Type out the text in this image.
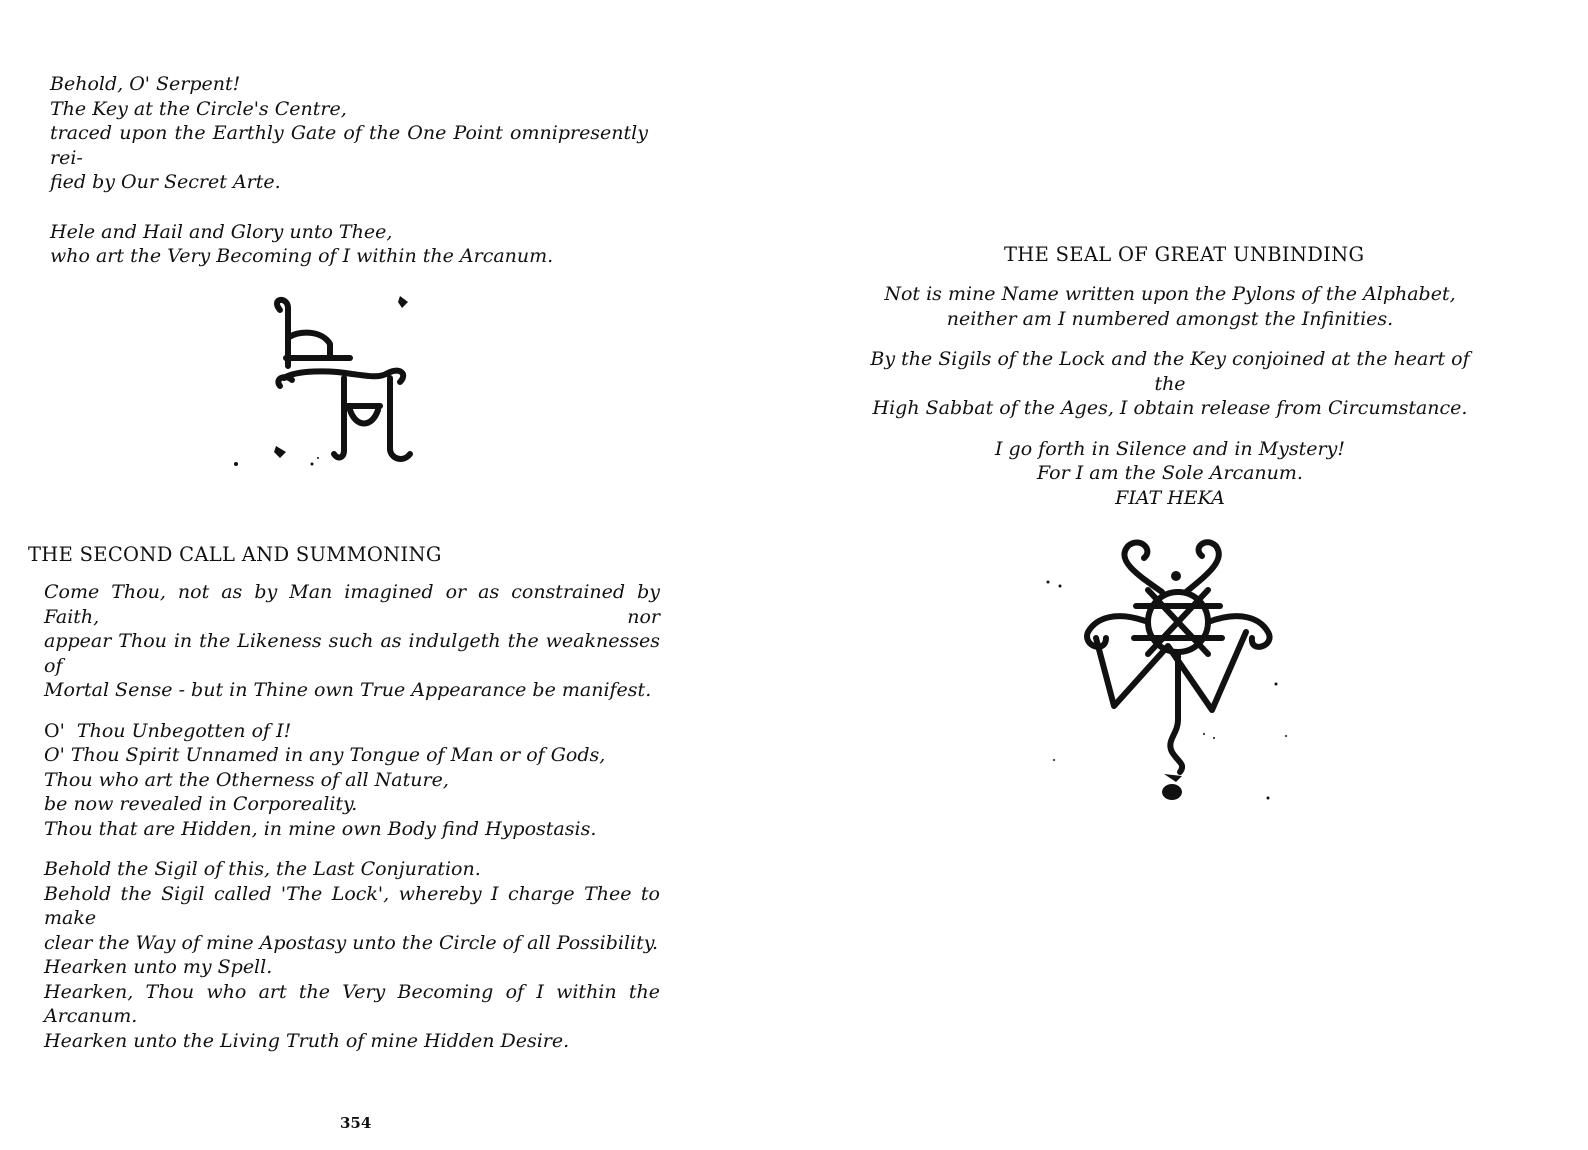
Behold, O' Serpent!

The Key at the Circle's Centre,

traced upon the Earthly Gate of the One Point omnipresently rei-

fied by Our Secret Arte.

Hele and Hail and Glory unto Thee,

who art the Very Becoming of I within the Arcanum.

THE SECOND CALL AND SUMMONING

Come Thou, not as by Man imagined or as constrained by Faith, nor

appear Thou in the Likeness such as indulgeth the weaknesses of

Mortal Sense - but in Thine own True Appearance be manifest.

O' Thou Unbegotten of I!

O' Thou Spirit Unnamed in any Tongue of Man or of Gods,

Thou who art the Otherness of all Nature,

be now revealed in Corporeality.

Thou that are Hidden, in mine own Body find Hypostasis.

Behold the Sigil of this, the Last Conjuration.

Behold the Sigil called 'The Lock', whereby I charge Thee to make

clear the Way of mine Apostasy unto the Circle of all Possibility.

Hearken unto my Spell.

Hearken, Thou who art the Very Becoming of I within the Arcanum.

Hearken unto the Living Truth of mine Hidden Desire.

354
THE SEAL OF GREAT UNBINDING

Not is mine Name written upon the Pylons of the Alphabet,

neither am I numbered amongst the Infinities.

By the Sigils of the Lock and the Key conjoined at the heart of the

High Sabbat of the Ages, I obtain release from Circumstance.

I go forth in Silence and in Mystery!

For I am the Sole Arcanum.

FIAT HEKA
